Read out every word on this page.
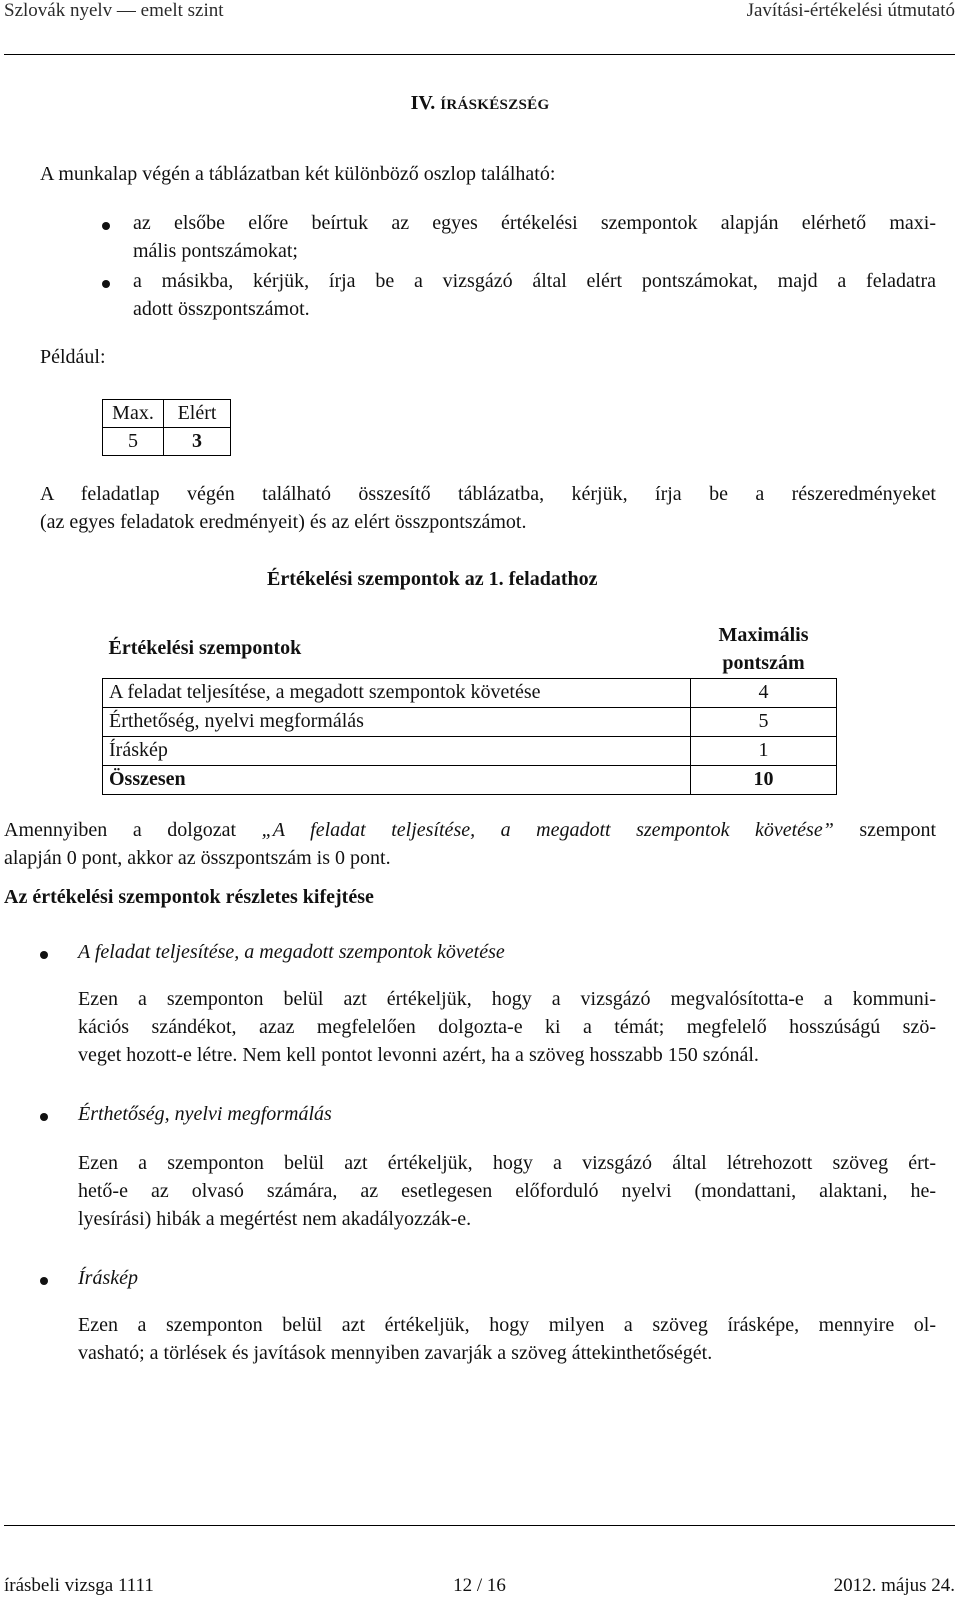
Szlovák nyelv — emelt szint	Javítási-értékelési útmutató
IV. ÍRÁSKÉSZSÉG
A munkalap végén a táblázatban két különböző oszlop található:
az elsőbe előre beírtuk az egyes értékelési szempontok alapján elérhető maxi-
mális pontszámokat;
a másikba, kérjük, írja be a vizsgázó által elért pontszámokat, majd a feladatra
adott összpontszámot.
Például:
Max.	Elért
5	3
A feladatlap végén található összesítő táblázatba, kérjük, írja be a részeredményeket
(az egyes feladatok eredményeit) és az elért összpontszámot.
Értékelési szempontok az 1. feladathoz
Értékelési szempontok	Maximális
pontszám

A feladat teljesítése, a megadott szempontok követése	4
Érthetőség, nyelvi megformálás	5
Íráskép	1
Összesen	10
Amennyiben a dolgozat „A feladat teljesítése, a megadott szempontok követése” szempont
alapján 0 pont, akkor az összpontszám is 0 pont.
Az értékelési szempontok részletes kifejtése
A feladat teljesítése, a megadott szempontok követése
Ezen a szemponton belül azt értékeljük, hogy a vizsgázó megvalósította-e a kommuni-
kációs szándékot, azaz megfelelően dolgozta-e ki a témát; megfelelő hosszúságú szö-
veget hozott-e létre. Nem kell pontot levonni azért, ha a szöveg hosszabb 150 szónál.
Érthetőség, nyelvi megformálás
Ezen a szemponton belül azt értékeljük, hogy a vizsgázó által létrehozott szöveg ért-
hető-e az olvasó számára, az esetlegesen előforduló nyelvi (mondattani, alaktani, he-
lyesírási) hibák a megértést nem akadályozzák-e.
Íráskép
Ezen a szemponton belül azt értékeljük, hogy milyen a szöveg írásképe, mennyire ol-
vasható; a törlések és javítások mennyiben zavarják a szöveg áttekinthetőségét.
írásbeli vizsga 1111	12 / 16	2012. május 24.
